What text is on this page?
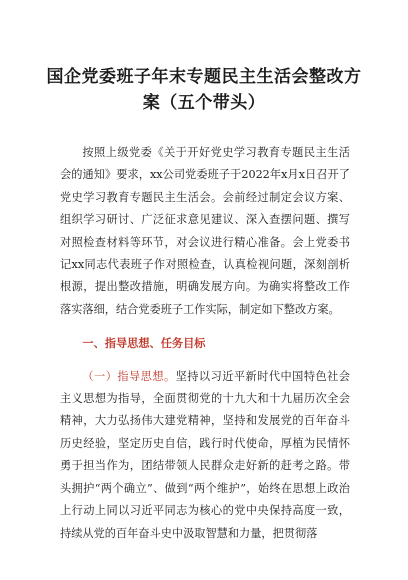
国企党委班子年末专题民主生活会整改方案（五个带头）

按照上级党委《关于开好党史学习教育专题民主生活会的通知》要求，xx公司党委班子于2022年x月x日召开了党史学习教育专题民主生活会。会前经过制定会议方案、组织学习研讨、广泛征求意见建议、深入查摆问题、撰写对照检查材料等环节，对会议进行精心准备。会上党委书记xx同志代表班子作对照检查，认真检视问题，深刻剖析根源，提出整改措施，明确发展方向。为确实将整改工作落实落细，结合党委班子工作实际，制定如下整改方案。

一、指导思想、任务目标

（一）指导思想。坚持以习近平新时代中国特色社会主义思想为指导，全面贯彻党的十九大和十九届历次全会精神，大力弘扬伟大建党精神，坚持和发展党的百年奋斗历史经验，坚定历史自信，践行时代使命，厚植为民情怀勇于担当作为，团结带领人民群众走好新的赶考之路。带头拥护“两个确立”、做到“两个维护”，始终在思想上政治上行动上同以习近平同志为核心的党中央保持高度一致，持续从党的百年奋斗史中汲取智慧和力量，把贯彻落
